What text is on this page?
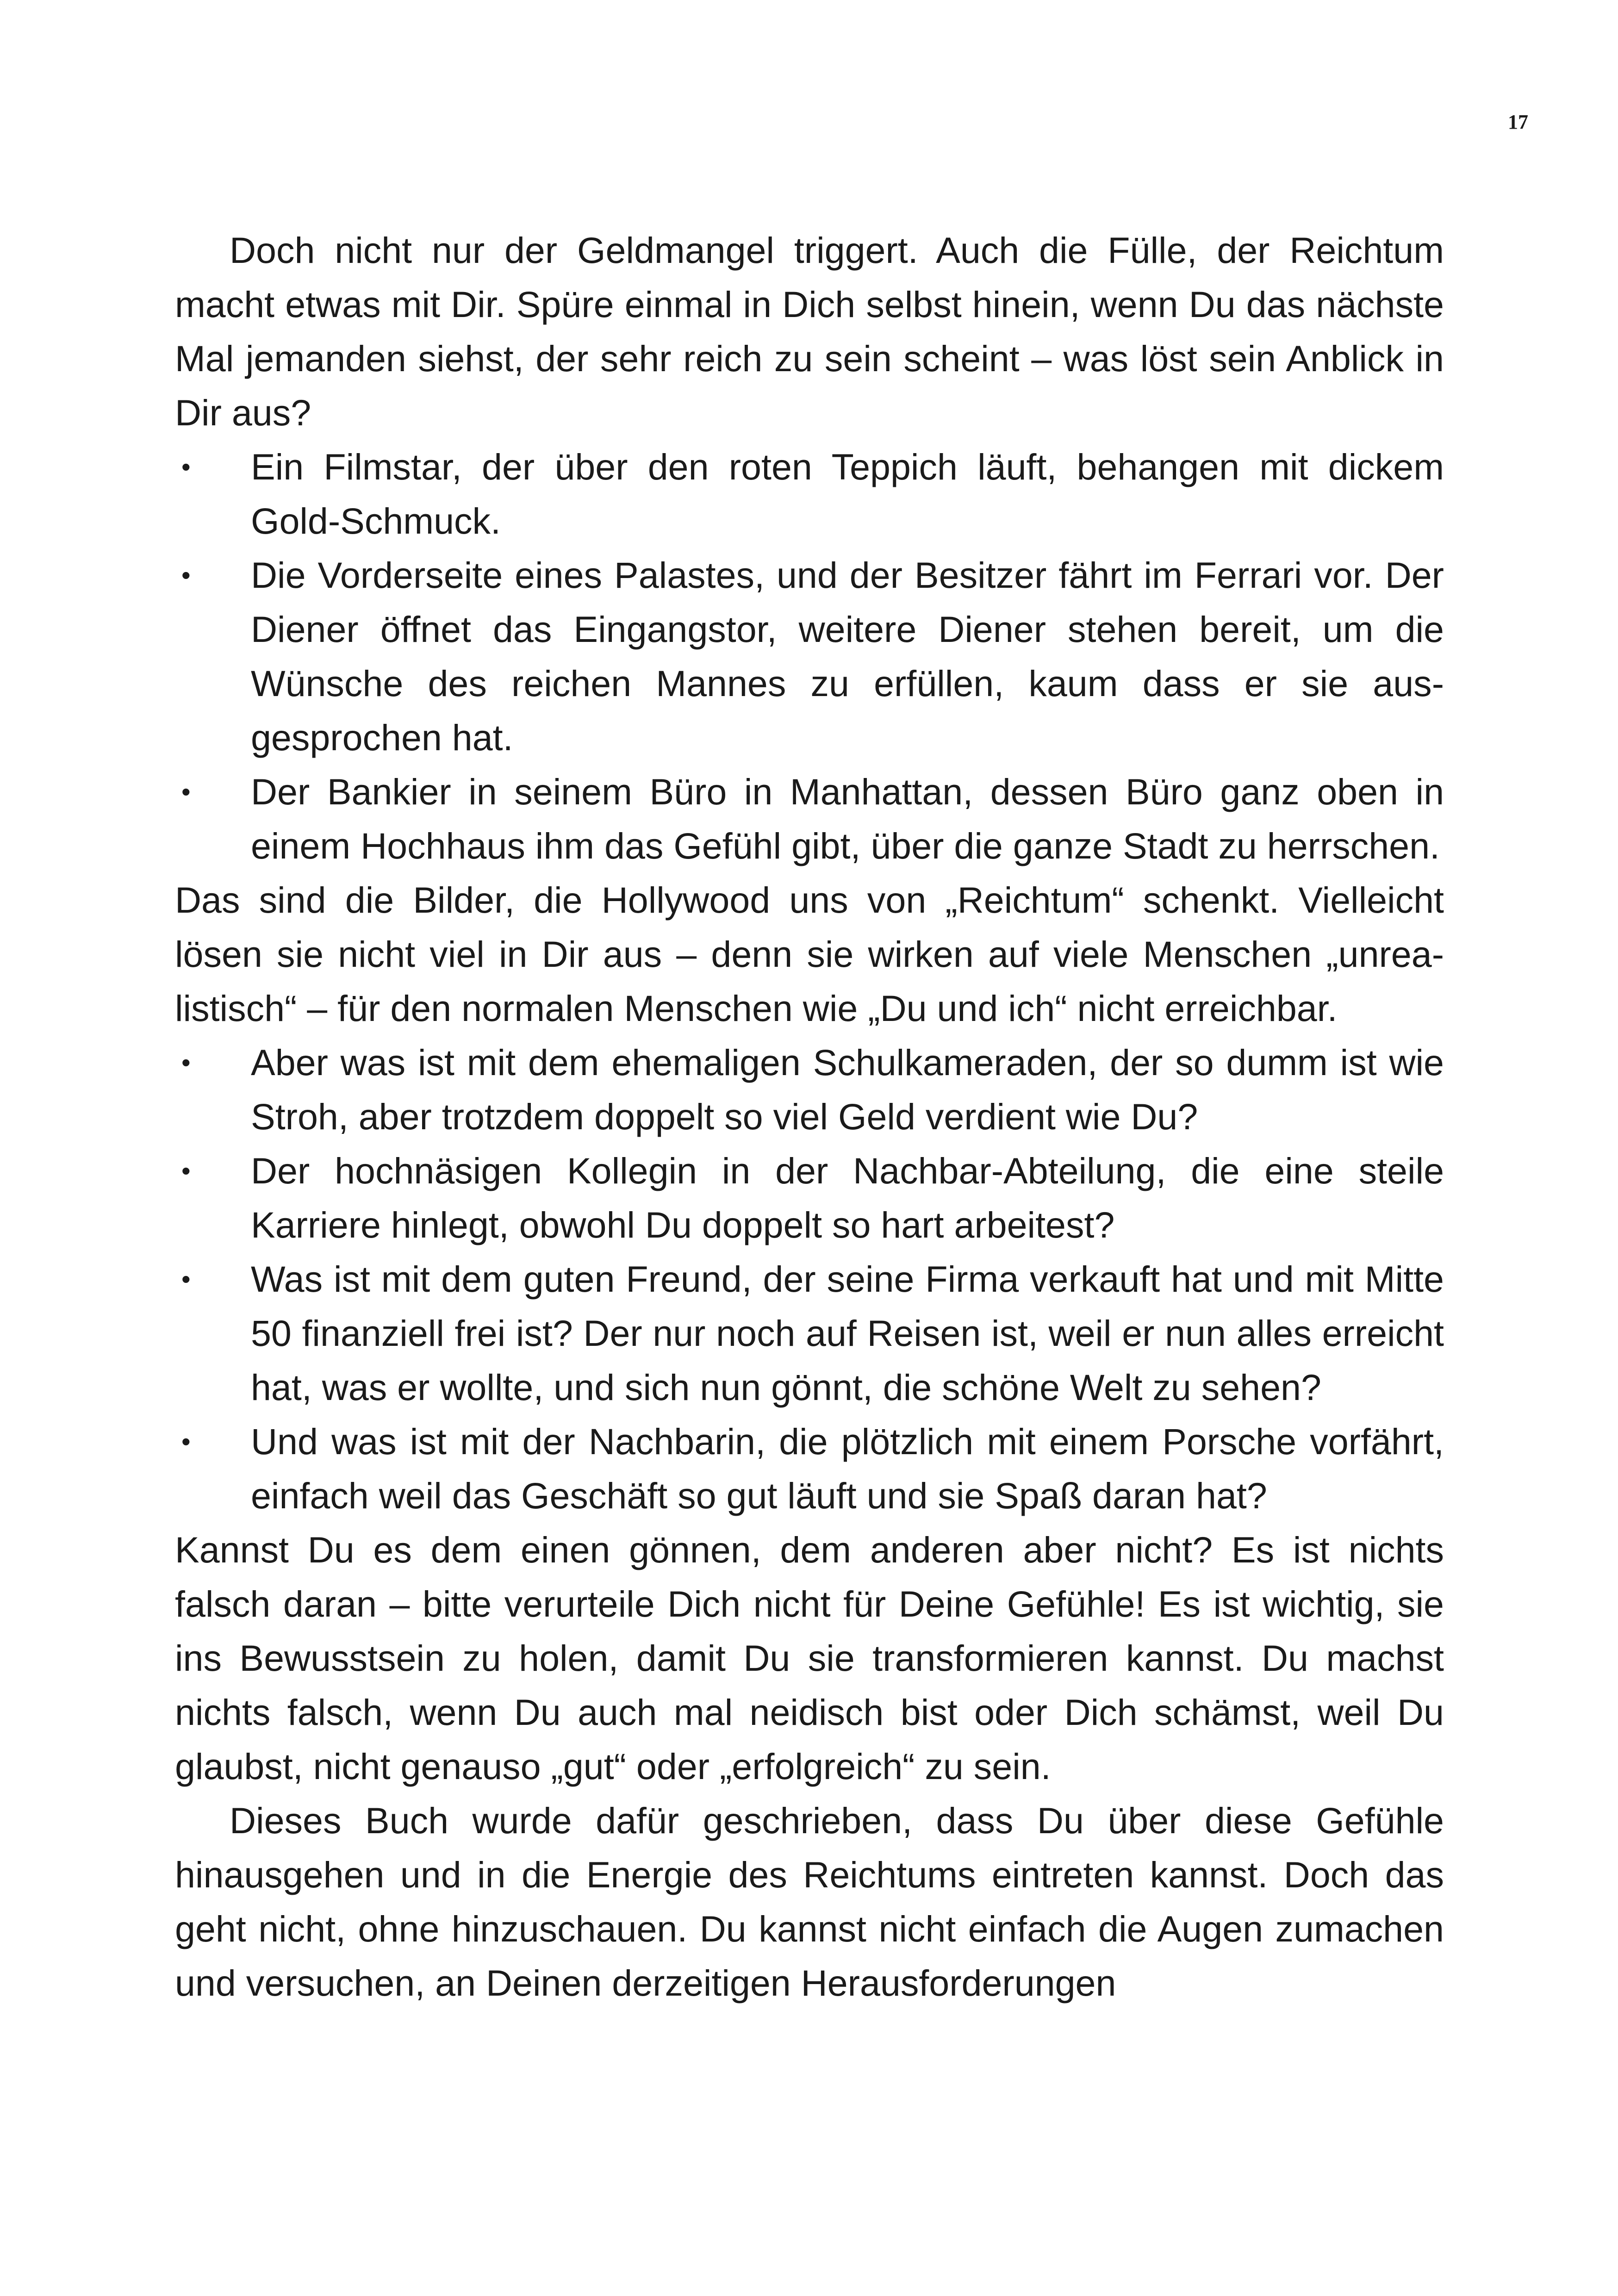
17

Doch nicht nur der Geldmangel triggert. Auch die Fülle, der Reichtum macht etwas mit Dir. Spüre einmal in Dich selbst hinein, wenn Du das nächste Mal jemanden siehst, der sehr reich zu sein scheint – was löst sein Anblick in Dir aus?

• Ein Filmstar, der über den roten Teppich läuft, behangen mit dickem Gold-Schmuck.
• Die Vorderseite eines Palastes, und der Besitzer fährt im Ferrari vor. Der Diener öffnet das Eingangstor, weitere Diener stehen bereit, um die Wünsche des reichen Mannes zu erfüllen, kaum dass er sie ausgesprochen hat.
• Der Bankier in seinem Büro in Manhattan, dessen Büro ganz oben in einem Hochhaus ihm das Gefühl gibt, über die ganze Stadt zu herrschen.

Das sind die Bilder, die Hollywood uns von „Reichtum“ schenkt. Vielleicht lösen sie nicht viel in Dir aus – denn sie wirken auf viele Menschen „unrealistisch“ – für den normalen Menschen wie „Du und ich“ nicht erreichbar.

• Aber was ist mit dem ehemaligen Schulkameraden, der so dumm ist wie Stroh, aber trotzdem doppelt so viel Geld verdient wie Du?
• Der hochnäsigen Kollegin in der Nachbar-Abteilung, die eine steile Karriere hinlegt, obwohl Du doppelt so hart arbeitest?
• Was ist mit dem guten Freund, der seine Firma verkauft hat und mit Mitte 50 finanziell frei ist? Der nur noch auf Reisen ist, weil er nun alles erreicht hat, was er wollte, und sich nun gönnt, die schöne Welt zu sehen?
• Und was ist mit der Nachbarin, die plötzlich mit einem Porsche vorfährt, einfach weil das Geschäft so gut läuft und sie Spaß daran hat?

Kannst Du es dem einen gönnen, dem anderen aber nicht? Es ist nichts falsch daran – bitte verurteile Dich nicht für Deine Gefühle! Es ist wichtig, sie ins Bewusstsein zu holen, damit Du sie transformieren kannst. Du machst nichts falsch, wenn Du auch mal neidisch bist oder Dich schämst, weil Du glaubst, nicht genauso „gut“ oder „erfolgreich“ zu sein.

Dieses Buch wurde dafür geschrieben, dass Du über diese Gefühle hinausgehen und in die Energie des Reichtums eintreten kannst. Doch das geht nicht, ohne hinzuschauen. Du kannst nicht einfach die Augen zumachen und versuchen, an Deinen derzeitigen Herausforderungen
